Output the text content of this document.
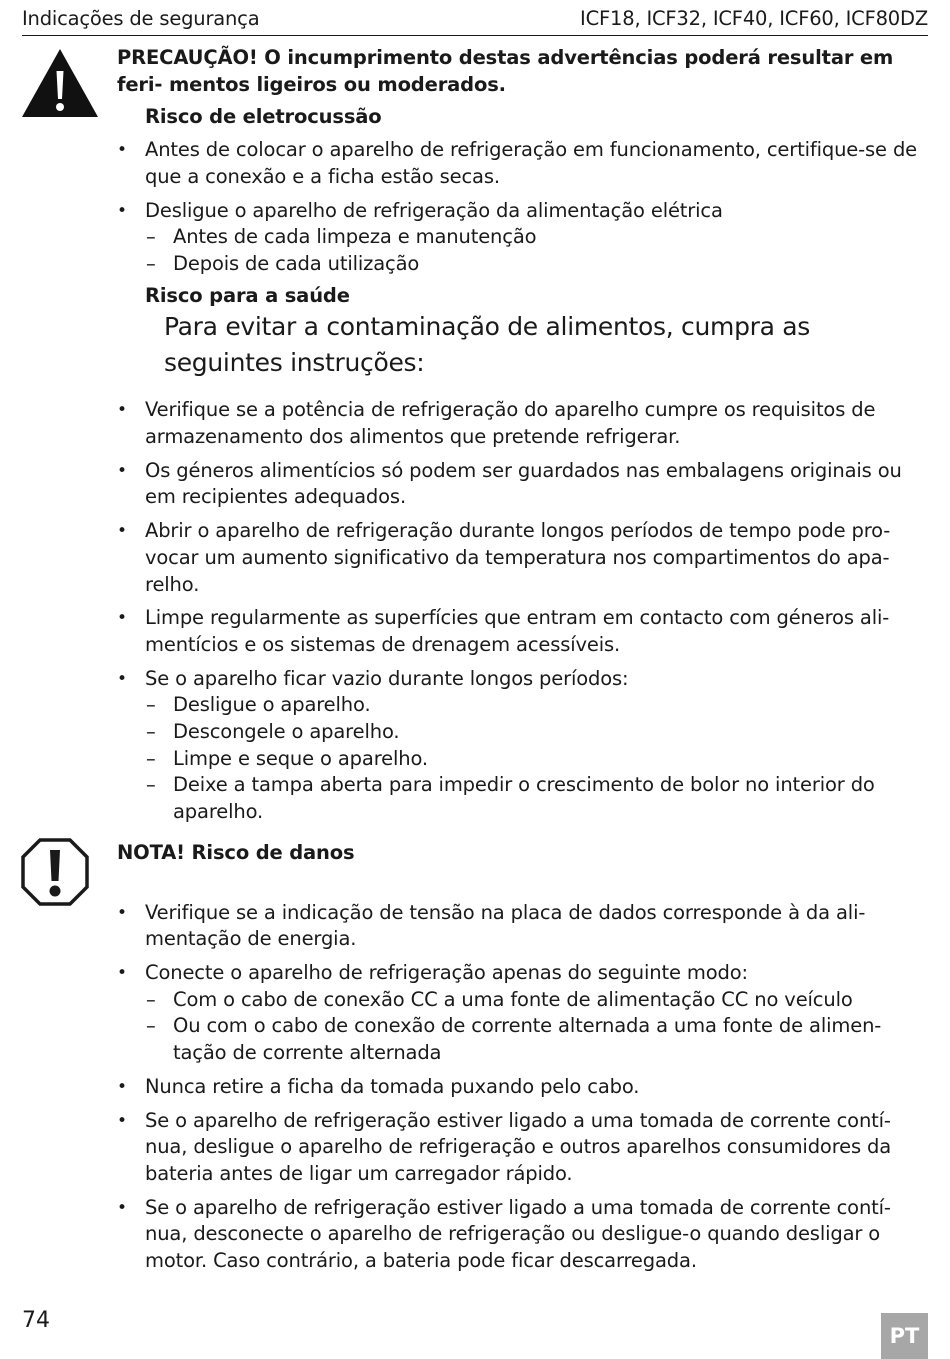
Indicações de segurança	ICF18, ICF32, ICF40, ICF60, ICF80DZ

PRECAUÇÃO! O incumprimento destas advertências poderá resultar em feri- mentos ligeiros ou moderados.

Risco de eletrocussão

• Antes de colocar o aparelho de refrigeração em funcionamento, certifique-se de que a conexão e a ficha estão secas.
• Desligue o aparelho de refrigeração da alimentação elétrica
– Antes de cada limpeza e manutenção
– Depois de cada utilização

Risco para a saúde

Para evitar a contaminação de alimentos, cumpra as seguintes instruções:

• Verifique se a potência de refrigeração do aparelho cumpre os requisitos de armazenamento dos alimentos que pretende refrigerar.
• Os géneros alimentícios só podem ser guardados nas embalagens originais ou em recipientes adequados.
• Abrir o aparelho de refrigeração durante longos períodos de tempo pode pro- vocar um aumento significativo da temperatura nos compartimentos do apa- relho.
• Limpe regularmente as superfícies que entram em contacto com géneros ali- mentícios e os sistemas de drenagem acessíveis.
• Se o aparelho ficar vazio durante longos períodos:
– Desligue o aparelho.
– Descongele o aparelho.
– Limpe e seque o aparelho.
– Deixe a tampa aberta para impedir o crescimento de bolor no interior do aparelho.

NOTA! Risco de danos

• Verifique se a indicação de tensão na placa de dados corresponde à da ali- mentação de energia.
• Conecte o aparelho de refrigeração apenas do seguinte modo:
– Com o cabo de conexão CC a uma fonte de alimentação CC no veículo
– Ou com o cabo de conexão de corrente alternada a uma fonte de alimen- tação de corrente alternada
• Nunca retire a ficha da tomada puxando pelo cabo.
• Se o aparelho de refrigeração estiver ligado a uma tomada de corrente contí- nua, desligue o aparelho de refrigeração e outros aparelhos consumidores da bateria antes de ligar um carregador rápido.
• Se o aparelho de refrigeração estiver ligado a uma tomada de corrente contí- nua, desconecte o aparelho de refrigeração ou desligue-o quando desligar o motor. Caso contrário, a bateria pode ficar descarregada.
74
PT
